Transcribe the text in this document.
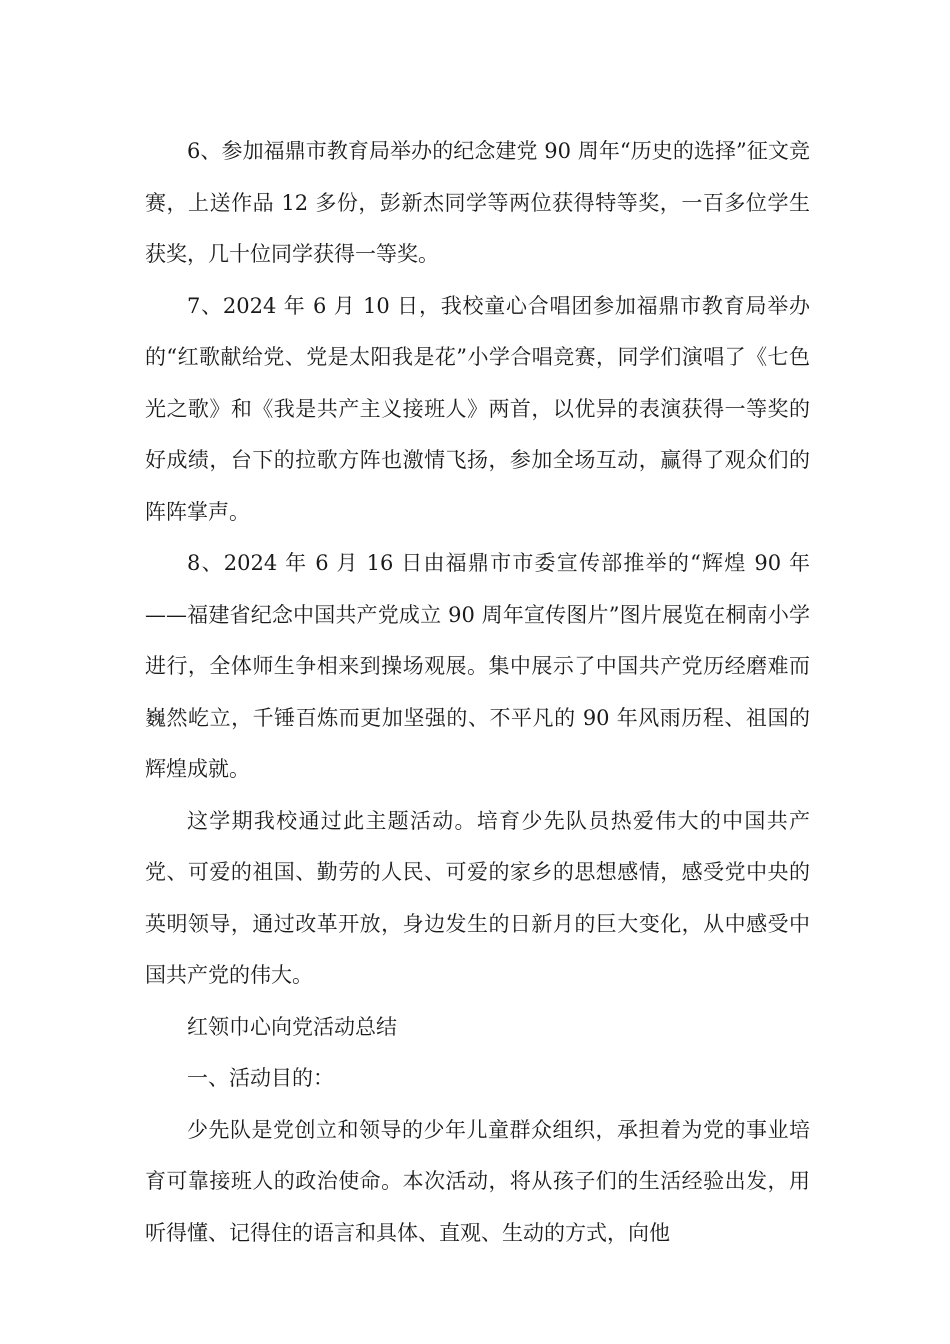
6、参加福鼎市教育局举办的纪念建党 90 周年“历史的选择”征文竞赛，上送作品 12 多份，彭新杰同学等两位获得特等奖，一百多位学生获奖，几十位同学获得一等奖。

7、2024 年 6 月 10 日，我校童心合唱团参加福鼎市教育局举办的“红歌献给党、党是太阳我是花”小学合唱竞赛，同学们演唱了《七色光之歌》和《我是共产主义接班人》两首，以优异的表演获得一等奖的好成绩，台下的拉歌方阵也激情飞扬，参加全场互动，赢得了观众们的阵阵掌声。

8、2024 年 6 月 16 日由福鼎市市委宣传部推举的“辉煌 90 年——福建省纪念中国共产党成立 90 周年宣传图片”图片展览在桐南小学进行，全体师生争相来到操场观展。集中展示了中国共产党历经磨难而巍然屹立，千锤百炼而更加坚强的、不平凡的 90 年风雨历程、祖国的辉煌成就。

这学期我校通过此主题活动。培育少先队员热爱伟大的中国共产党、可爱的祖国、勤劳的人民、可爱的家乡的思想感情，感受党中央的英明领导，通过改革开放，身边发生的日新月的巨大变化，从中感受中国共产党的伟大。

红领巾心向党活动总结

一、活动目的：

少先队是党创立和领导的少年儿童群众组织，承担着为党的事业培育可靠接班人的政治使命。本次活动，将从孩子们的生活经验出发，用听得懂、记得住的语言和具体、直观、生动的方式，向他
